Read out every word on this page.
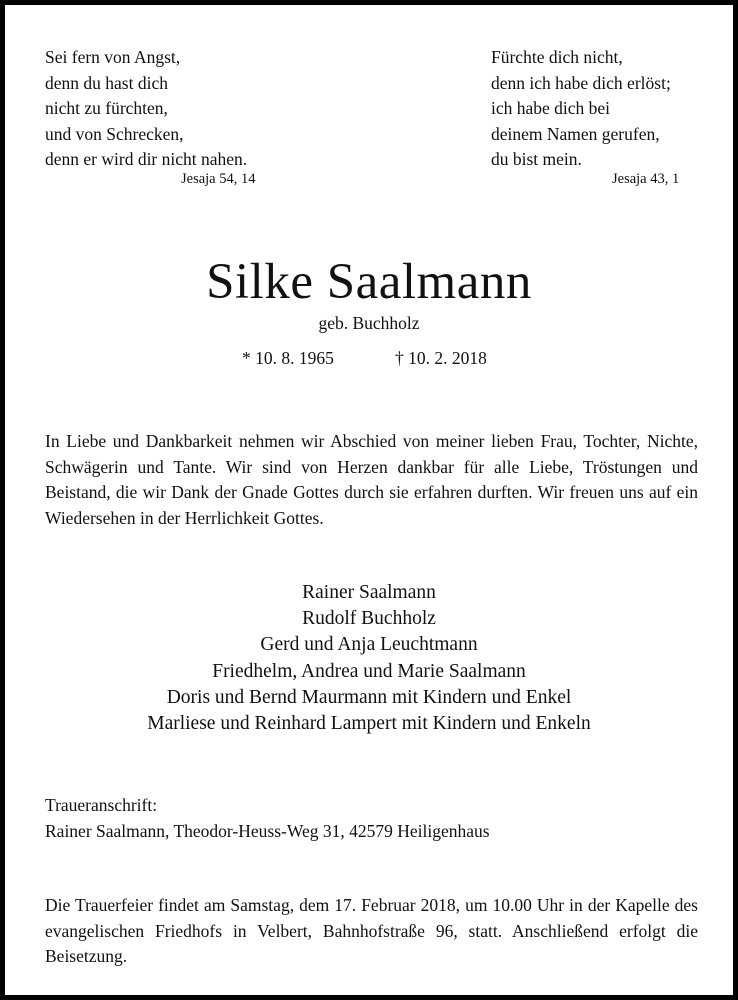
Sei fern von Angst,
denn du hast dich
nicht zu fürchten,
und von Schrecken,
denn er wird dir nicht nahen.
Jesaja 54, 14
Fürchte dich nicht,
denn ich habe dich erlöst;
ich habe dich bei
deinem Namen gerufen,
du bist mein.
Jesaja 43, 1
Silke Saalmann
geb. Buchholz
* 10. 8. 1965	† 10. 2. 2018
In Liebe und Dankbarkeit nehmen wir Abschied von meiner lieben Frau, Tochter, Nichte, Schwägerin und Tante. Wir sind von Herzen dankbar für alle Liebe, Tröstungen und Beistand, die wir Dank der Gnade Gottes durch sie erfahren durften. Wir freuen uns auf ein Wiedersehen in der Herrlichkeit Gottes.
Rainer Saalmann
Rudolf Buchholz
Gerd und Anja Leuchtmann
Friedhelm, Andrea und Marie Saalmann
Doris und Bernd Maurmann mit Kindern und Enkel
Marliese und Reinhard Lampert mit Kindern und Enkeln
Traueranschrift:
Rainer Saalmann, Theodor-Heuss-Weg 31, 42579 Heiligenhaus
Die Trauerfeier findet am Samstag, dem 17. Februar 2018, um 10.00 Uhr in der Kapelle des evangelischen Friedhofs in Velbert, Bahnhofstraße 96, statt. Anschließend erfolgt die Beisetzung.
